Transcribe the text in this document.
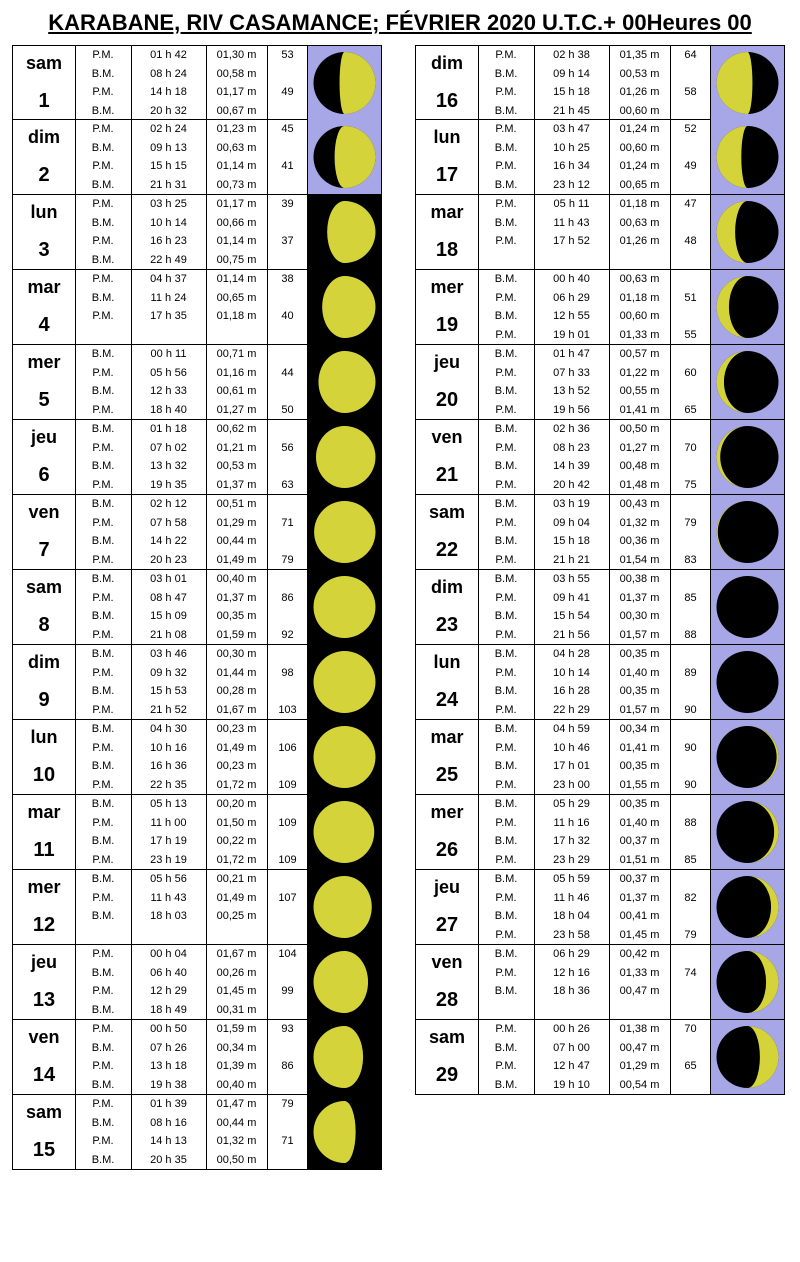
KARABANE, RIV CASAMANCE; FÉVRIER 2020 U.T.C.+ 00Heures 00
sam
1
P.M.	01 h 42	01,30 m	53
B.M.	08 h 24	00,58 m
P.M.	14 h 18	01,17 m	49
B.M.	20 h 32	00,67 m
dim
2
P.M.	02 h 24	01,23 m	45
B.M.	09 h 13	00,63 m
P.M.	15 h 15	01,14 m	41
B.M.	21 h 31	00,73 m
lun
3
P.M.	03 h 25	01,17 m	39
B.M.	10 h 14	00,66 m
P.M.	16 h 23	01,14 m	37
B.M.	22 h 49	00,75 m
mar
4
P.M.	04 h 37	01,14 m	38
B.M.	11 h 24	00,65 m
P.M.	17 h 35	01,18 m	40
mer
5
B.M.	00 h 11	00,71 m
P.M.	05 h 56	01,16 m	44
B.M.	12 h 33	00,61 m
P.M.	18 h 40	01,27 m	50
jeu
6
B.M.	01 h 18	00,62 m
P.M.	07 h 02	01,21 m	56
B.M.	13 h 32	00,53 m
P.M.	19 h 35	01,37 m	63
ven
7
B.M.	02 h 12	00,51 m
P.M.	07 h 58	01,29 m	71
B.M.	14 h 22	00,44 m
P.M.	20 h 23	01,49 m	79
sam
8
B.M.	03 h 01	00,40 m
P.M.	08 h 47	01,37 m	86
B.M.	15 h 09	00,35 m
P.M.	21 h 08	01,59 m	92
dim
9
B.M.	03 h 46	00,30 m
P.M.	09 h 32	01,44 m	98
B.M.	15 h 53	00,28 m
P.M.	21 h 52	01,67 m	103
lun
10
B.M.	04 h 30	00,23 m
P.M.	10 h 16	01,49 m	106
B.M.	16 h 36	00,23 m
P.M.	22 h 35	01,72 m	109
mar
11
B.M.	05 h 13	00,20 m
P.M.	11 h 00	01,50 m	109
B.M.	17 h 19	00,22 m
P.M.	23 h 19	01,72 m	109
mer
12
B.M.	05 h 56	00,21 m
P.M.	11 h 43	01,49 m	107
B.M.	18 h 03	00,25 m
jeu
13
P.M.	00 h 04	01,67 m	104
B.M.	06 h 40	00,26 m
P.M.	12 h 29	01,45 m	99
B.M.	18 h 49	00,31 m
ven
14
P.M.	00 h 50	01,59 m	93
B.M.	07 h 26	00,34 m
P.M.	13 h 18	01,39 m	86
B.M.	19 h 38	00,40 m
sam
15
P.M.	01 h 39	01,47 m	79
B.M.	08 h 16	00,44 m
P.M.	14 h 13	01,32 m	71
B.M.	20 h 35	00,50 m
dim
16
P.M.	02 h 38	01,35 m	64
B.M.	09 h 14	00,53 m
P.M.	15 h 18	01,26 m	58
B.M.	21 h 45	00,60 m
lun
17
P.M.	03 h 47	01,24 m	52
B.M.	10 h 25	00,60 m
P.M.	16 h 34	01,24 m	49
B.M.	23 h 12	00,65 m
mar
18
P.M.	05 h 11	01,18 m	47
B.M.	11 h 43	00,63 m
P.M.	17 h 52	01,26 m	48
mer
19
B.M.	00 h 40	00,63 m
P.M.	06 h 29	01,18 m	51
B.M.	12 h 55	00,60 m
P.M.	19 h 01	01,33 m	55
jeu
20
B.M.	01 h 47	00,57 m
P.M.	07 h 33	01,22 m	60
B.M.	13 h 52	00,55 m
P.M.	19 h 56	01,41 m	65
ven
21
B.M.	02 h 36	00,50 m
P.M.	08 h 23	01,27 m	70
B.M.	14 h 39	00,48 m
P.M.	20 h 42	01,48 m	75
sam
22
B.M.	03 h 19	00,43 m
P.M.	09 h 04	01,32 m	79
B.M.	15 h 18	00,36 m
P.M.	21 h 21	01,54 m	83
dim
23
B.M.	03 h 55	00,38 m
P.M.	09 h 41	01,37 m	85
B.M.	15 h 54	00,30 m
P.M.	21 h 56	01,57 m	88
lun
24
B.M.	04 h 28	00,35 m
P.M.	10 h 14	01,40 m	89
B.M.	16 h 28	00,35 m
P.M.	22 h 29	01,57 m	90
mar
25
B.M.	04 h 59	00,34 m
P.M.	10 h 46	01,41 m	90
B.M.	17 h 01	00,35 m
P.M.	23 h 00	01,55 m	90
mer
26
B.M.	05 h 29	00,35 m
P.M.	11 h 16	01,40 m	88
B.M.	17 h 32	00,37 m
P.M.	23 h 29	01,51 m	85
jeu
27
B.M.	05 h 59	00,37 m
P.M.	11 h 46	01,37 m	82
B.M.	18 h 04	00,41 m
P.M.	23 h 58	01,45 m	79
ven
28
B.M.	06 h 29	00,42 m
P.M.	12 h 16	01,33 m	74
B.M.	18 h 36	00,47 m
sam
29
P.M.	00 h 26	01,38 m	70
B.M.	07 h 00	00,47 m
P.M.	12 h 47	01,29 m	65
B.M.	19 h 10	00,54 m
